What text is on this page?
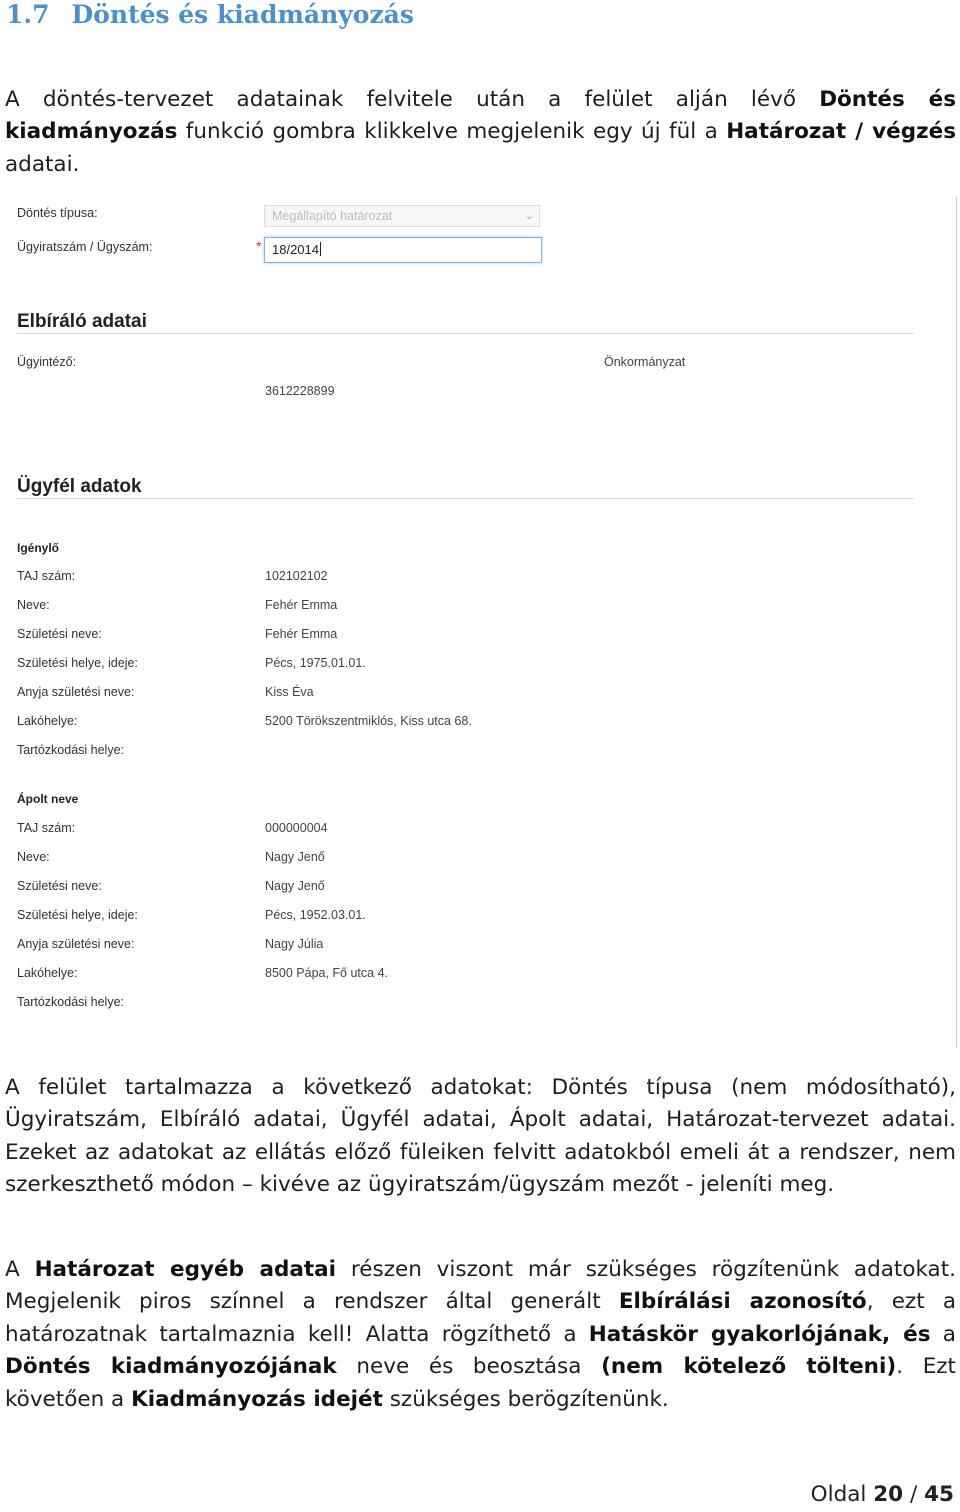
1.7 Döntés és kiadmányozás

A döntés-tervezet adatainak felvitele után a felület alján lévő Döntés és kiadmányozás funkció gombra klikkelve megjelenik egy új fül a Határozat / végzés adatai.

Döntés típusa:	Megállapító határozat	⌄
Ügyiratszám / Ügyszám:	* 18/2014
Elbíráló adatai
Ügyintéző:	Önkormányzat
3612228899
Ügyfél adatok
Igénylő
TAJ szám:	102102102
Neve:	Fehér Emma
Születési neve:	Fehér Emma
Születési helye, ideje:	Pécs, 1975.01.01.
Anyja születési neve:	Kiss Éva
Lakóhelye:	5200 Törökszentmiklós, Kiss utca 68.
Tartózkodási helye:
Ápolt neve
TAJ szám:	000000004
Neve:	Nagy Jenő
Születési neve:	Nagy Jenő
Születési helye, ideje:	Pécs, 1952.03.01.
Anyja születési neve:	Nagy Júlia
Lakóhelye:	8500 Pápa, Fő utca 4.
Tartózkodási helye:

A felület tartalmazza a következő adatokat: Döntés típusa (nem módosítható), Ügyiratszám, Elbíráló adatai, Ügyfél adatai, Ápolt adatai, Határozat-tervezet adatai. Ezeket az adatokat az ellátás előző füleiken felvitt adatokból emeli át a rendszer, nem szerkeszthető módon – kivéve az ügyiratszám/ügyszám mezőt - jeleníti meg.

A Határozat egyéb adatai részen viszont már szükséges rögzítenünk adatokat. Megjelenik piros színnel a rendszer által generált Elbírálási azonosító, ezt a határozatnak tartalmaznia kell! Alatta rögzíthető a Hatáskör gyakorlójának, és a Döntés kiadmányozójának neve és beosztása (nem kötelező tölteni). Ezt követően a Kiadmányozás idejét szükséges berögzítenünk.

Oldal 20 / 45
